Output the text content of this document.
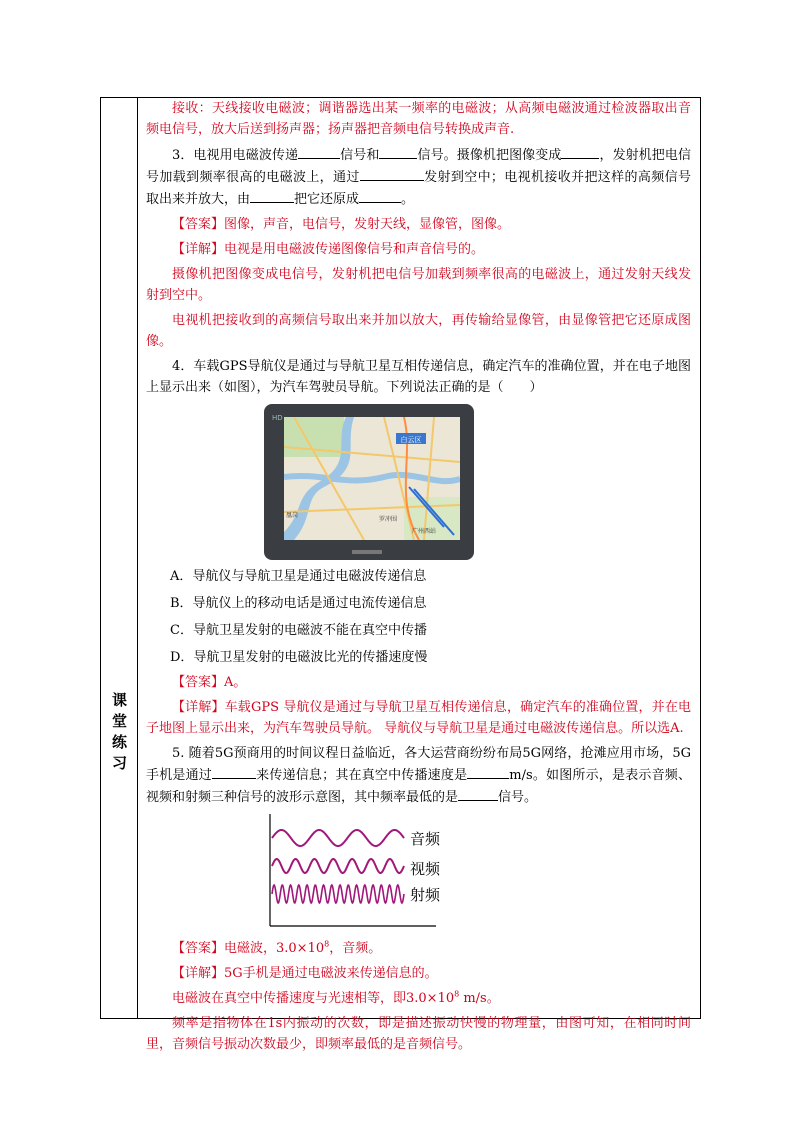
课
堂
练
习

接收：天线接收电磁波；调谐器选出某一频率的电磁波；从高频电磁波通过检波器取出音频电信号，放大后送到扬声器；扬声器把音频电信号转换成声音.

3．电视用电磁波传递	信号和	信号。摄像机把图像变成	，发射机把电信号加载到频率很高的电磁波上，通过	发射到空中；电视机接收并把这样的高频信号取出来并放大，由	把它还原成	。

【答案】图像，声音，电信号，发射天线，显像管，图像。

【详解】电视是用电磁波传递图像信号和声音信号的。

摄像机把图像变成电信号，发射机把电信号加载到频率很高的电磁波上，通过发射天线发射到空中。

电视机把接收到的高频信号取出来并加以放大，再传输给显像管，由显像管把它还原成图像。

4．车载GPS导航仪是通过与导航卫星互相传递信息，确定汽车的准确位置，并在电子地图上显示出来（如图），为汽车驾驶员导航。下列说法正确的是（　　）

HD
白云区
罗冲围
广州西站
凰岗

A．导航仪与导航卫星是通过电磁波传递信息

B．导航仪上的移动电话是通过电流传递信息

C．导航卫星发射的电磁波不能在真空中传播

D．导航卫星发射的电磁波比光的传播速度慢

【答案】A。

【详解】车载GPS 导航仪是通过与导航卫星互相传递信息，确定汽车的准确位置，并在电子地图上显示出来，为汽车驾驶员导航。 导航仪与导航卫星是通过电磁波传递信息。所以选A.

5. 随着5G预商用的时间议程日益临近，各大运营商纷纷布局5G网络，抢滩应用市场，5G手机是通过	来传递信息；其在真空中传播速度是	m/s。如图所示，是表示音频、视频和射频三种信号的波形示意图，其中频率最低的是	信号。

音频
视频
射频

【答案】电磁波，$3.0\times 10^8$，音频。

【详解】5G手机是通过电磁波来传递信息的。

电磁波在真空中传播速度与光速相等，即$3.0\times 10^8$ m/s。

频率是指物体在1s内振动的次数，即是描述振动快慢的物理量，由图可知，在相同时间里，音频信号振动次数最少，即频率最低的是音频信号。
